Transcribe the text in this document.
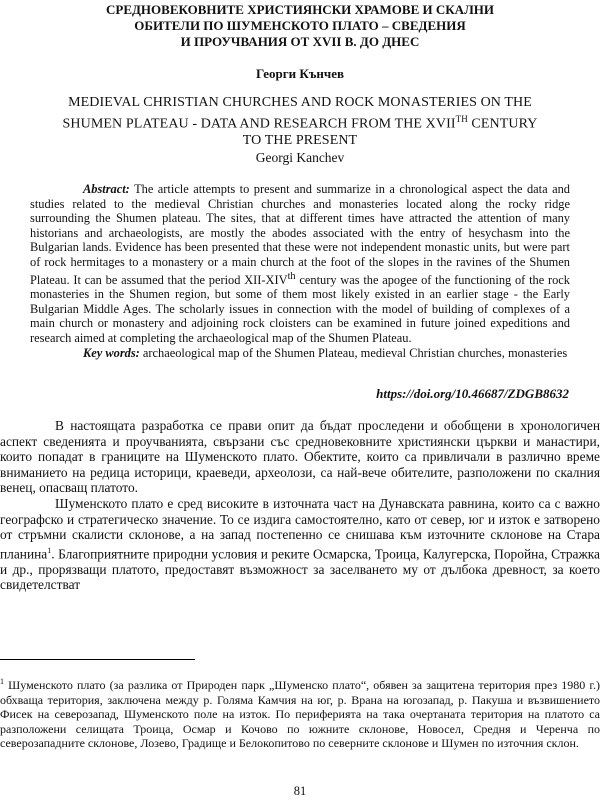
СРЕДНОВЕКОВНИТЕ ХРИСТИЯНСКИ ХРАМОВЕ И СКАЛНИ
ОБИТЕЛИ ПО ШУМЕНСКОТО ПЛАТО – СВЕДЕНИЯ
И ПРОУЧВАНИЯ ОТ XVII В. ДО ДНЕС
Георги Кънчев
MEDIEVAL CHRISTIAN CHURCHES AND ROCK MONASTERIES ON THE
SHUMEN PLATEAU - DATA AND RESEARCH FROM THE XVIITH CENTURY
TO THE PRESENT
Georgi Kanchev

Abstract: The article attempts to present and summarize in a chronological aspect the data and studies related to the medieval Christian churches and monasteries located along the rocky ridge surrounding the Shumen plateau. The sites, that at different times have attracted the attention of many historians and archaeologists, are mostly the abodes associated with the entry of hesychasm into the Bulgarian lands. Evidence has been presented that these were not independent monastic units, but were part of rock hermitages to a monastery or a main church at the foot of the slopes in the ravines of the Shumen Plateau. It can be assumed that the period XII-XIVth century was the apogee of the functioning of the rock monasteries in the Shumen region, but some of them most likely existed in an earlier stage - the Early Bulgarian Middle Ages. The scholarly issues in connection with the model of building of complexes of a main church or monastery and adjoining rock cloisters can be examined in future joined expeditions and research aimed at completing the archaeological map of the Shumen Plateau.

Key words: archaeological map of the Shumen Plateau, medieval Christian churches, monasteries

https://doi.org/10.46687/ZDGB8632

В настоящата разработка се прави опит да бъдат проследени и обобщени в хронологичен аспект сведенията и проучванията, свързани със средновековните християнски църкви и манастири, които попадат в границите на Шуменското плато. Обектите, които са привличали в различно време вниманието на редица историци, краеведи, археолози, са най-вече обителите, разположени по скалния венец, опасващ платото.

Шуменското плато е сред високите в източната част на Дунавската равнина, които са с важно географско и стратегическо значение. То се издига самостоятелно, като от север, юг и изток е затворено от стръмни скалисти склонове, а на запад постепенно се снишава към източните склонове на Стара планина$^1$. Благоприятните природни условия и реките Осмарска, Троица, Калугерска, Поройна, Стражка и др., прорязващи платото, предоставят възможност за заселването му от дълбока древност, за което свидетелстват

$^1$ Шуменското плато (за разлика от Природен парк „Шуменско плато“, обявен за защитена територия през 1980 г.) обхваща територия, заключена между р. Голяма Камчия на юг, р. Врана на югозапад, р. Пакуша и възвишението Фисек на северозапад, Шуменското поле на изток. По периферията на така очертаната територия на платото са разположени селищата Троица, Осмар и Кочово по южните склонове, Новосел, Средня и Черенча по северозападните склонове, Лозево, Градище и Белокопитово по северните склонове и Шумен по източния склон.

81
